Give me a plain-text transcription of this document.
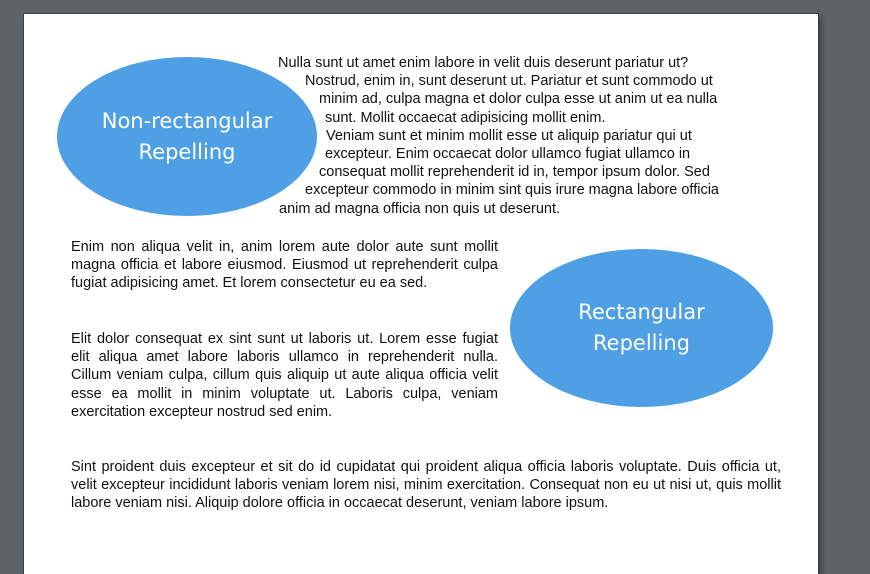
Non-rectangular
Repelling
Nulla sunt ut amet enim labore in velit duis deserunt pariatur ut?
Nostrud, enim in, sunt deserunt ut. Pariatur et sunt commodo ut
minim ad, culpa magna et dolor culpa esse ut anim ut ea nulla
sunt. Mollit occaecat adipisicing mollit enim.
Veniam sunt et minim mollit esse ut aliquip pariatur qui ut
excepteur. Enim occaecat dolor ullamco fugiat ullamco in
consequat mollit reprehenderit id in, tempor ipsum dolor. Sed
excepteur commodo in minim sint quis irure magna labore officia
anim ad magna officia non quis ut deserunt.
Enim non aliqua velit in, anim lorem aute dolor aute sunt mollit magna officia et labore eiusmod. Eiusmod ut reprehenderit culpa fugiat adipisicing amet. Et lorem consectetur eu ea sed.
Elit dolor consequat ex sint sunt ut laboris ut. Lorem esse fugiat elit aliqua amet labore laboris ullamco in reprehenderit nulla. Cillum veniam culpa, cillum quis aliquip ut aute aliqua officia velit esse ea mollit in minim voluptate ut. Laboris culpa, veniam exercitation excepteur nostrud sed enim.
Rectangular
Repelling
Sint proident duis excepteur et sit do id cupidatat qui proident aliqua officia laboris voluptate. Duis officia ut, velit excepteur incididunt laboris veniam lorem nisi, minim exercitation. Consequat non eu ut nisi ut, quis mollit labore veniam nisi. Aliquip dolore officia in occaecat deserunt, veniam labore ipsum.
